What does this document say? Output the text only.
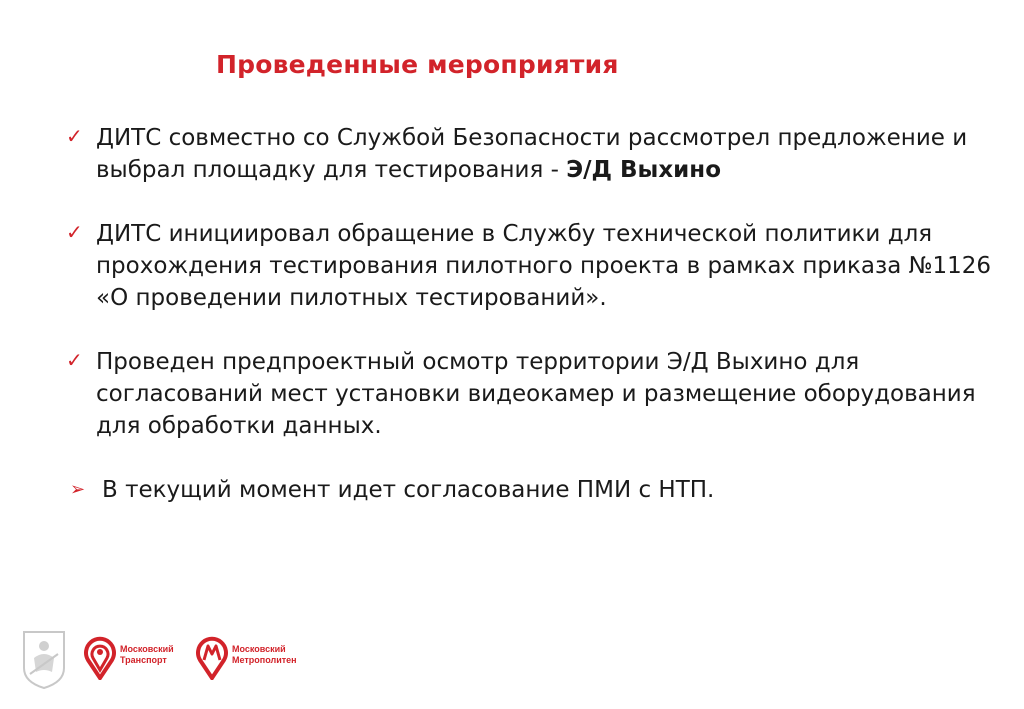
Проведенные мероприятия
✓ ДИТС совместно со Службой Безопасности рассмотрел предложение и выбрал площадку для тестирования - Э/Д Выхино
✓ ДИТС инициировал обращение в Службу технической политики для прохождения тестирования пилотного проекта в рамках приказа №1126 «О проведении пилотных тестирований».
✓ Проведен предпроектный осмотр территории Э/Д Выхино для согласований мест установки видеокамер и размещение оборудования для обработки данных.
➢ В текущий момент идет согласование ПМИ с НТП.
Московский
Транспорт
Московский
Метрополитен
